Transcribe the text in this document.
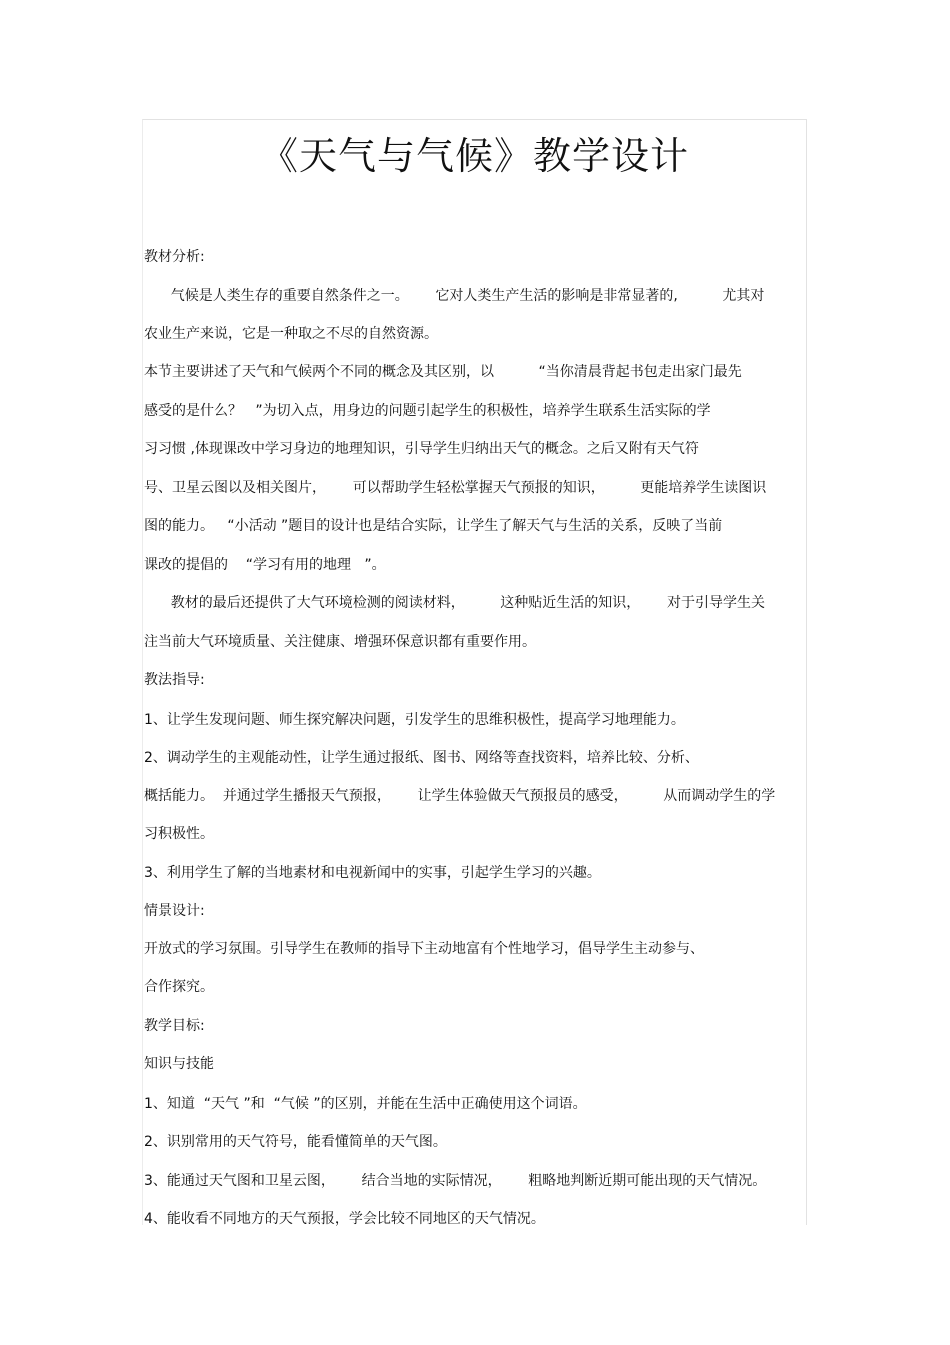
《天气与气候》教学设计

教材分析:

气候是人类生存的重要自然条件之一。      它对人类生产生活的影响是非常显著的,          尤其对

农业生产来说，它是一种取之不尽的自然资源。

本节主要讲述了天气和气候两个不同的概念及其区别，以          “当你清晨背起书包走出家门最先

感受的是什么？   ”为切入点，用身边的问题引起学生的积极性，培养学生联系生活实际的学

习习惯 ,体现课改中学习身边的地理知识，引导学生归纳出天气的概念。之后又附有天气符

号、卫星云图以及相关图片，      可以帮助学生轻松掌握天气预报的知识，        更能培养学生读图识

图的能力。   “小活动 ”题目的设计也是结合实际，让学生了解天气与生活的关系，反映了当前

课改的提倡的    “学习有用的地理   ”。

教材的最后还提供了大气环境检测的阅读材料，        这种贴近生活的知识，      对于引导学生关

注当前大气环境质量、关注健康、增强环保意识都有重要作用。

教法指导:

1、让学生发现问题、师生探究解决问题，引发学生的思维积极性，提高学习地理能力。

2、调动学生的主观能动性，让学生通过报纸、图书、网络等查找资料，培养比较、分析、

概括能力。  并通过学生播报天气预报，      让学生体验做天气预报员的感受，        从而调动学生的学

习积极性。

3、利用学生了解的当地素材和电视新闻中的实事，引起学生学习的兴趣。

情景设计:

开放式的学习氛围。引导学生在教师的指导下主动地富有个性地学习，倡导学生主动参与、

合作探究。

教学目标:

知识与技能

1、知道  “天气 ”和  “气候 ”的区别，并能在生活中正确使用这个词语。

2、识别常用的天气符号，能看懂简单的天气图。

3、能通过天气图和卫星云图，      结合当地的实际情况，      粗略地判断近期可能出现的天气情况。

4、能收看不同地方的天气预报，学会比较不同地区的天气情况。
